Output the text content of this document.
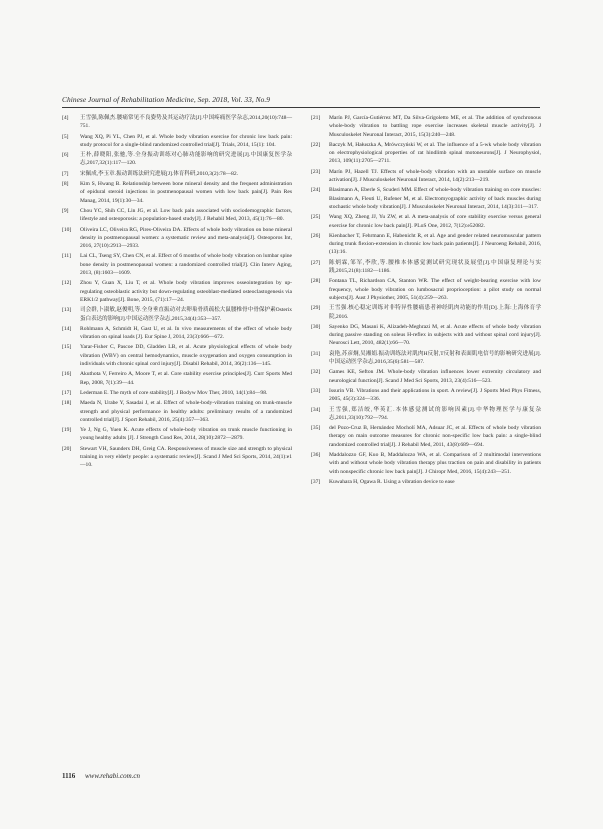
Chinese Journal of Rehabilitation Medicine, Sep. 2018, Vol. 33, No.9
[4] 王雪强,陈佩杰.腰痛常见不良姿势及其运动疗法[J].中国疼痛医学杂志,2014,20(10):748—751.
[5] Wang XQ, Pi YL, Chen PJ, et al. Whole body vibration exercise for chronic low back pain: study protocol for a single-blind randomized controlled trial[J]. Trials, 2014, 15(1): 104.
[6] 王朴,薛晓阳,张驰,等.全身振动训练对心肺功能影响的研究进展[J].中国康复医学杂志,2017,32(1):117—120.
[7] 宋佩成,李玉章.振动训练法研究进展[J].体育科研,2010,3(2):78—82.
[8] Kim S, Hwang B. Relationship between bone mineral density and the frequent administration of epidural steroid injections in postmenopausal women with low back pain[J]. Pain Res Manag, 2014, 19(1):30—34.
[9] Chou YC, Shih CC, Lin JG, et al. Low back pain associated with sociodemographic factors, lifestyle and osteoporosis: a population-based study[J]. J Rehabil Med, 2013, 45(1):76—80.
[10] Oliveira LC, Oliveira RG, Pires-Oliveira DA. Effects of whole body vibration on bone mineral density in postmenopausal women: a systematic review and meta-analysis[J]. Osteoporos Int, 2016, 27(10):2913—2933.
[11] Lai CL, Tseng SY, Chen CN, et al. Effect of 6 months of whole body vibration on lumbar spine bone density in postmenopausal women: a randomized controlled trial[J]. Clin Interv Aging, 2013, (8):1603—1609.
[12] Zhou Y, Guan X, Liu T, et al. Whole body vibration improves osseointegration by up-regulating osteoblastic activity but down-regulating osteoblast-mediated osteoclastogenesis via ERK1/2 pathway[J]. Bone, 2015, (71):17—24.
[13] 司会群,卜淑敏,赵俊明,等.全身垂直振动对去卵巢骨质疏松大鼠腰椎骨中骨保护素Osterix蛋白表达的影响[J].中国运动医学杂志,2015,34(4):353—357.
[14] Rohlmann A, Schmidt H, Gast U, et al. In vivo measurements of the effect of whole body vibration on spinal loads [J]. Eur Spine J, 2014, 23(3):666—672.
[15] Yarar-Fisher C, Pascoe DD, Gladden LB, et al. Acute physiological effects of whole body vibration (WBV) on central hemodynamics, muscle oxygenation and oxygen consumption in individuals with chronic spinal cord injury[J]. Disabil Rehabil, 2014, 36(2):136—145.
[16] Akuthota V, Ferreiro A, Moore T, et al. Core stability exercise principles[J]. Curr Sports Med Rep, 2008, 7(1):39—44.
[17] Lederman E. The myth of core stability[J]. J Bodyw Mov Ther, 2010, 14(1):84—98.
[18] Maeda N, Urabe Y, Sasadai J, et al. Effect of whole-body-vibration training on trunk-muscle strength and physical performance in healthy adults: preliminary results of a randomized controlled trial[J]. J Sport Rehabil, 2016, 25(4):357—363.
[19] Ye J, Ng G, Yuen K. Acute effects of whole-body vibration on trunk muscle functioning in young healthy adults [J]. J Strength Cond Res, 2014, 28(10):2872—2879.
[20] Stewart VH, Saunders DH, Greig CA. Responsiveness of muscle size and strength to physical training in very elderly people: a systematic review[J]. Scand J Med Sci Sports, 2014, 24(1):e1—10.
[21] Marín PJ, García-Gutiérrez MT, Da Silva-Grigoletto ME, et al. The addition of synchronous whole-body vibration to battling rope exercise increases skeletal muscle activity[J]. J Musculoskelet Neuronal Interact, 2015, 15(3):240—248.
[22] Baczyk M, Hałuszka A, Mrówczyński W, et al. The influence of a 5-wk whole body vibration on electrophysiological properties of rat hindlimb spinal motoneurons[J]. J Neurophysiol, 2013, 109(11):2705—2711.
[23] Marín PJ, Hazell TJ. Effects of whole-body vibration with an unstable surface on muscle activation[J]. J Musculoskelet Neuronal Interact, 2014, 14(2):213—219.
[24] Blasimann A, Eberle S, Scuderi MM. Effect of whole-body vibration training on core muscles: Blasimann A, Fleuti U, Rufener M, et al. Electromyographic activity of back muscles during stochastic whole body vibration[J]. J Musculoskelet Neuronal Interact, 2014, 14(3):311—317.
[25] Wang XQ, Zheng JJ, Yu ZW, et al. A meta-analysis of core stability exercise versus general exercise for chronic low back pain[J]. PLoS One, 2012, 7(12):e52082.
[26] Kienbacher T, Fehrmann E, Habenicht R, et al. Age and gender related neuromuscular pattern during trunk flexion-extension in chronic low back pain patients[J]. J Neuroeng Rehabil, 2016, (13):16.
[27] 陈炳霖,邹军,李欣,等.腰椎本体感觉测试研究现状及展望[J].中国康复理论与实践,2015,21(8):1182—1186.
[28] Fontana TL, Richardson CA, Stanton WR. The effect of weight-bearing exercise with low frequency, whole body vibration on lumbosacral proprioception: a pilot study on normal subjects[J]. Aust J Physiother, 2005, 51(4):259—263.
[29] 王雪强.核心稳定训练对非特异性腰痛患者神经肌肉功能的作用[D].上海:上海体育学院,2016.
[30] Sayenko DG, Masani K, Alizadeh-Meghrazi M, et al. Acute effects of whole body vibration during passive standing on soleus H-reflex in subjects with and without spinal cord injury[J]. Neurosci Lett, 2010, 482(1):66—70.
[31] 袁艳,苏彦炯,吴湘娟.振动训练法对肌肉H反射,T反射和表面肌电信号的影响研究进展[J].中国运动医学杂志,2016,35(6):581—587.
[32] Games KE, Sefton JM. Whole-body vibration influences lower extremity circulatory and neurological function[J]. Scand J Med Sci Sports, 2013, 23(4):516—523.
[33] Issurin VB. Vibrations and their applications in sport. A review[J]. J Sports Med Phys Fitness, 2005, 45(3):324—336.
[34] 王雪强,郑洁皎,华英汇.本体感觉测试的影响因素[J].中华物理医学与康复杂志,2011,33(10):792—794.
[35] del Pozo-Cruz B, Hernández Mocholí MA, Adsuar JC, et al. Effects of whole body vibration therapy on main outcome measures for chronic non-specific low back pain: a single-blind randomized controlled trial[J]. J Rehabil Med, 2011, 43(8):689—694.
[36] Maddalozzo GF, Kuo B, Maddalozzo WA, et al. Comparison of 2 multimodal interventions with and without whole body vibration therapy plus traction on pain and disability in patients with nonspecific chronic low back pain[J]. J Chiropr Med, 2016, 15(4):243—251.
[37] Kuwahara H, Ogawa R. Using a vibration device to ease
1116 www.rehabi.com.cn
